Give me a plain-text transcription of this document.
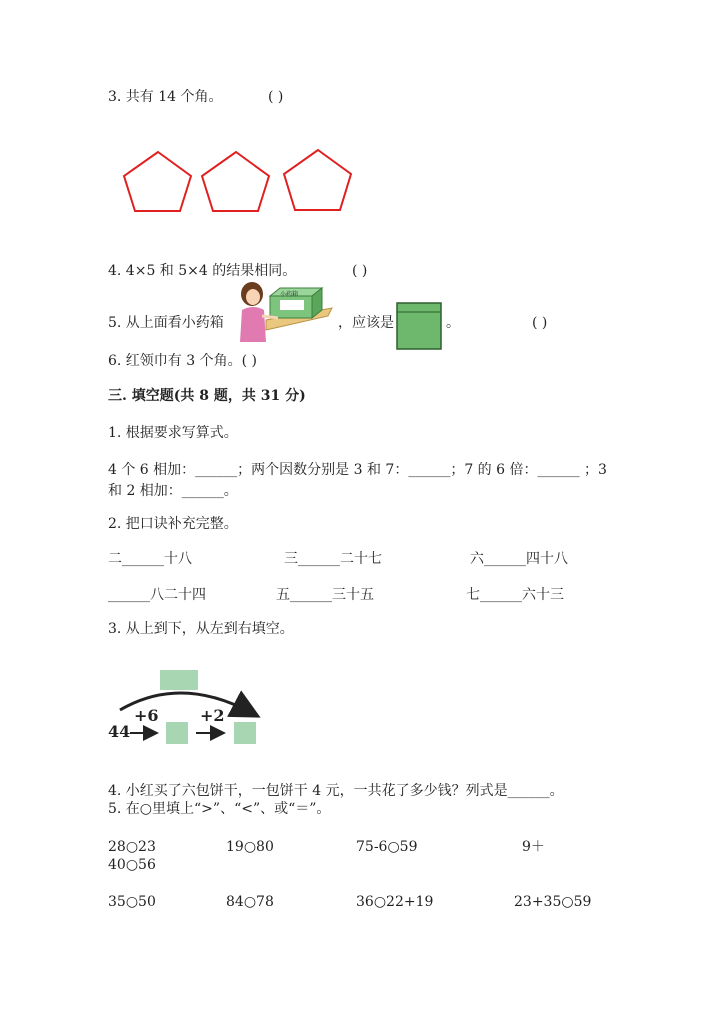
3. 共有 14 个角。	( )
4. 4×5 和 5×4 的结果相同。	( )
5. 从上面看小药箱
小药箱
，应该是	。	( )
6. 红领巾有 3 个角。( )
三. 填空题(共 8 题，共 31 分)
1. 根据要求写算式。
4 个 6 相加：______；两个因数分别是 3 和 7：______；7 的 6 倍：______ ；3
和 2 相加：______。
2. 把口诀补充完整。
二______十八	三______二十七	六______四十八
______八二十四	五______三十五	七______六十三
3. 从上到下，从左到右填空。
44
+6	+2
4. 小红买了六包饼干，一包饼干 4 元，一共花了多少钱？列式是______。
5. 在○里填上“>”、“<”、或“＝”。
28○23	19○80	75-6○59	9＋
40○56
35○50	84○78	36○22+19	23+35○59
